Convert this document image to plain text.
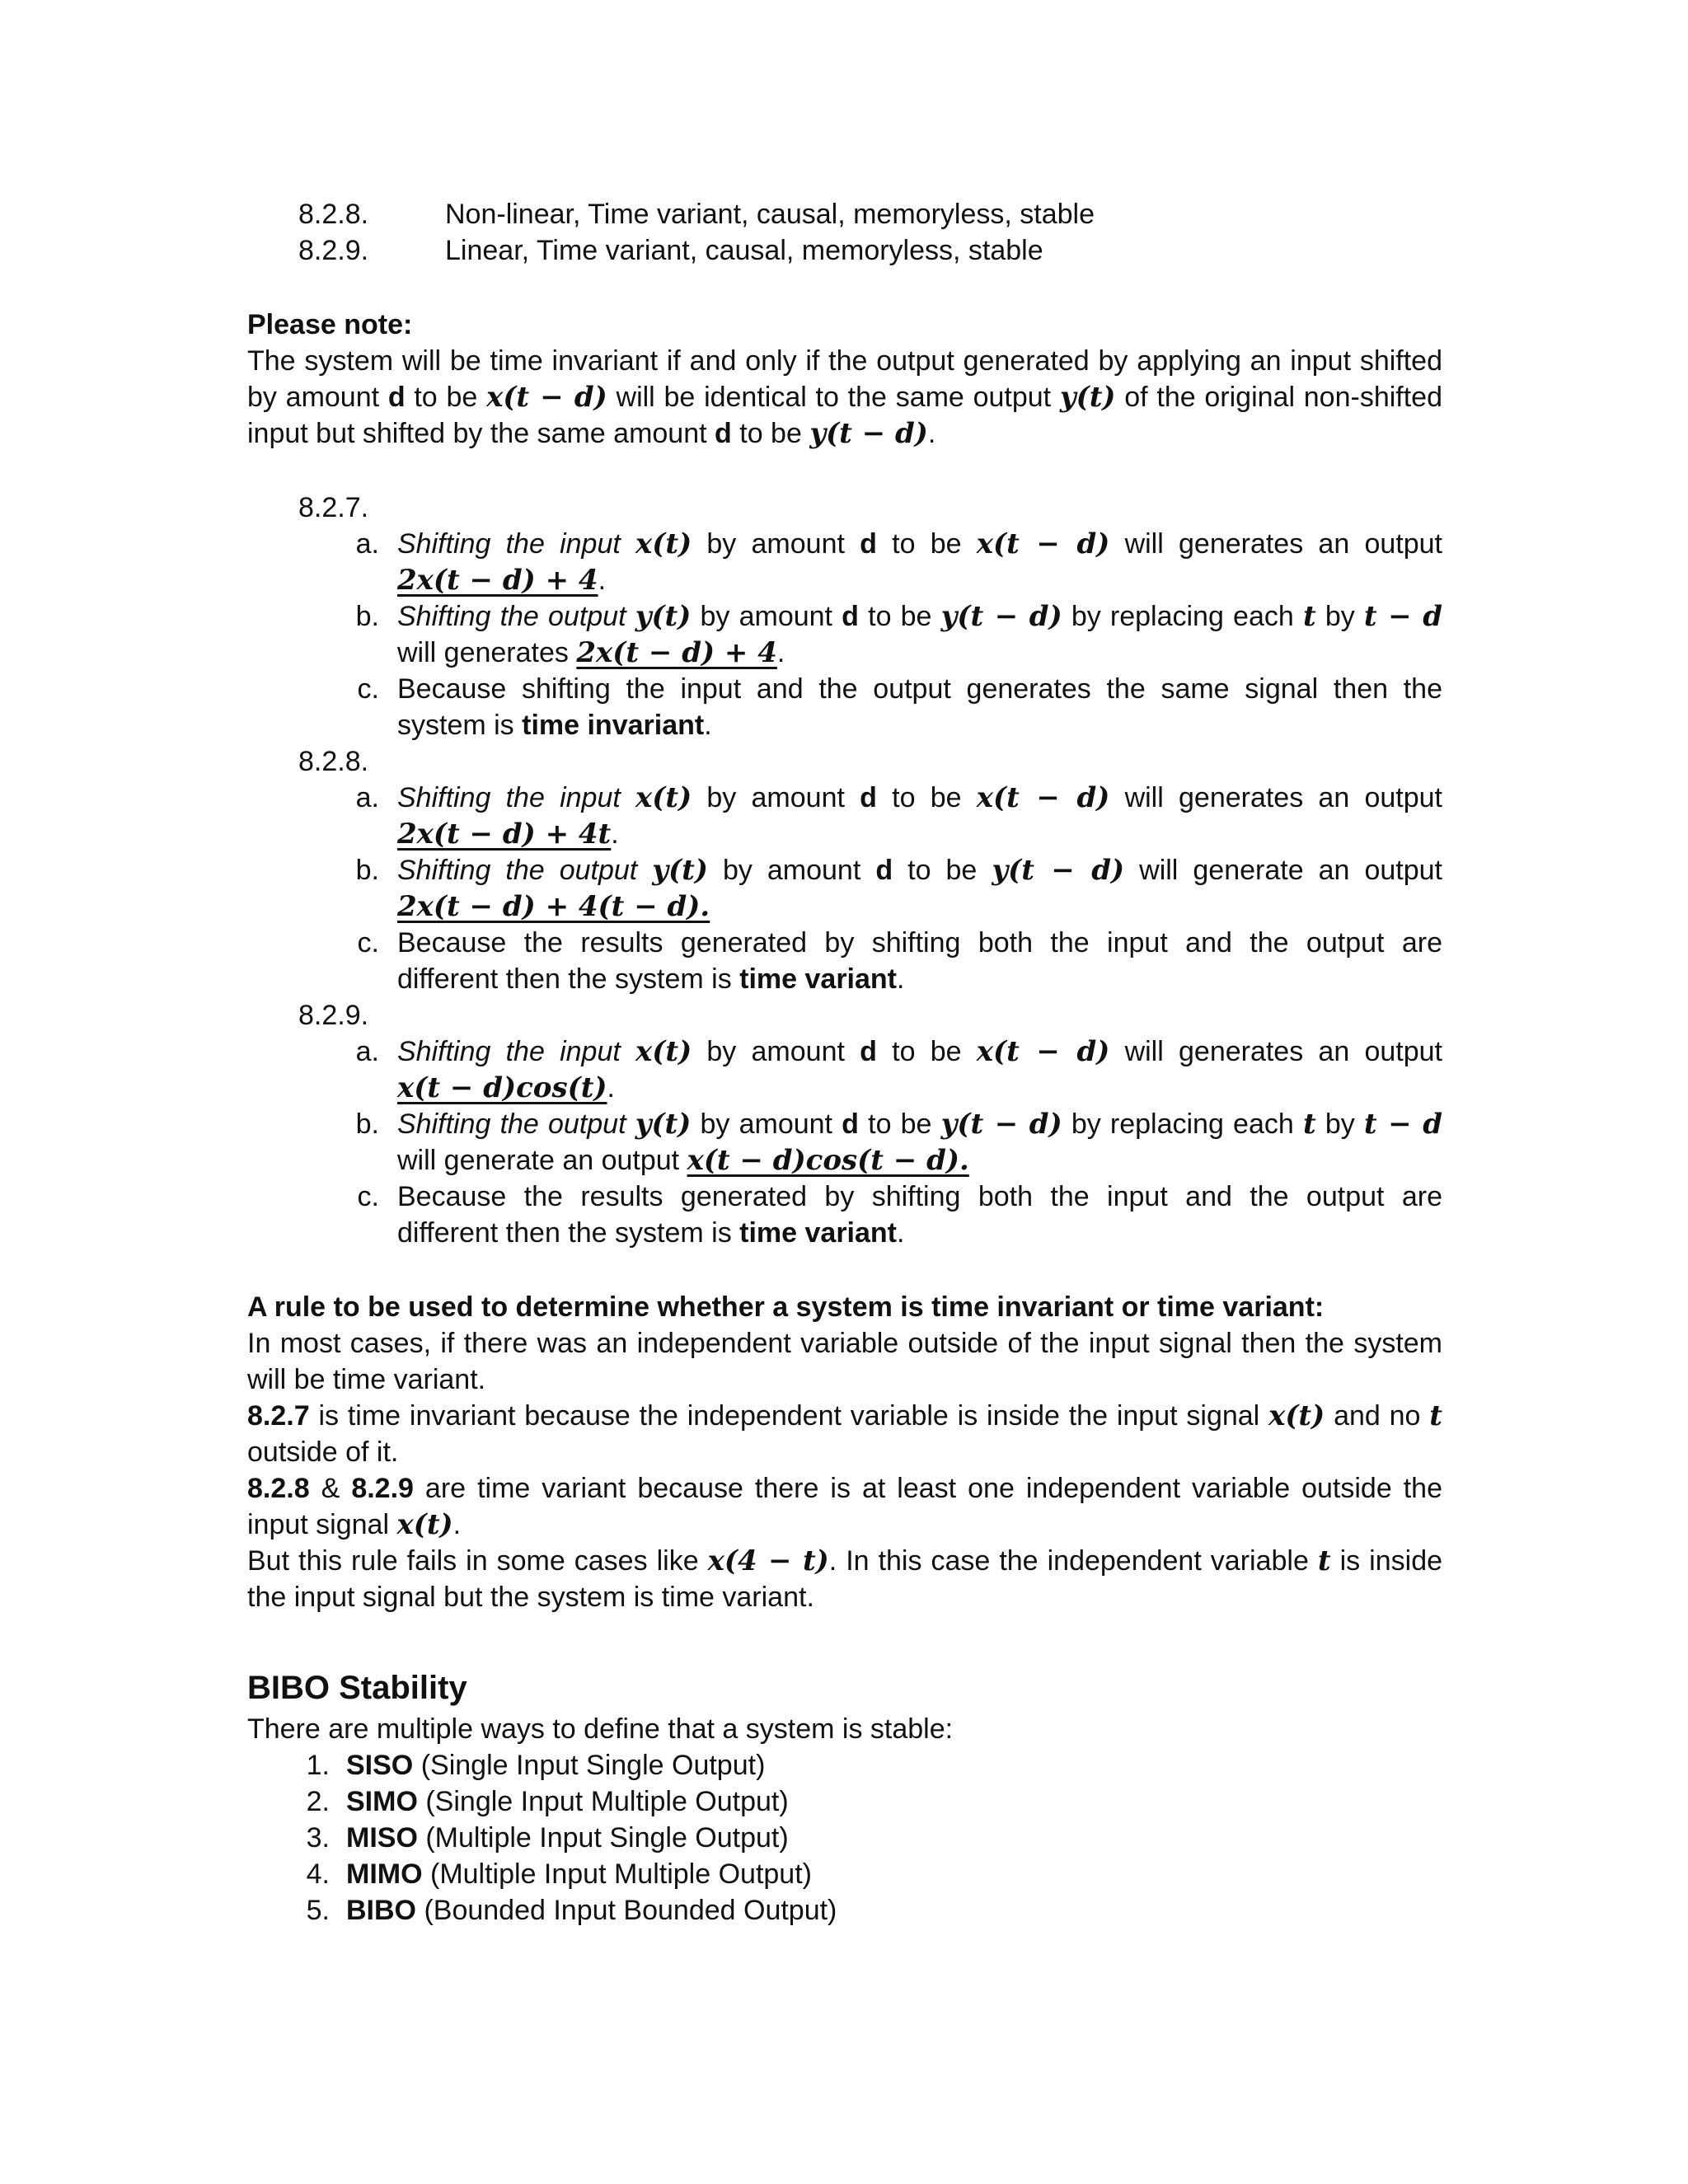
8.2.8.	Non-linear, Time variant, causal, memoryless, stable
8.2.9.	Linear, Time variant, causal, memoryless, stable
Please note:
The system will be time invariant if and only if the output generated by applying an input shifted
by amount d to be x(t − d) will be identical to the same output y(t) of the original non-shifted
input but shifted by the same amount d to be y(t − d).
8.2.7.
a. Shifting the input x(t) by amount d to be x(t − d) will generates an output
2x(t − d) + 4.
b. Shifting the output y(t) by amount d to be y(t − d) by replacing each t by t − d
will generates 2x(t − d) + 4.
c. Because shifting the input and the output generates the same signal then the
system is time invariant.
8.2.8.
a. Shifting the input x(t) by amount d to be x(t − d) will generates an output
2x(t − d) + 4t.
b. Shifting the output y(t) by amount d to be y(t − d) will generate an output
2x(t − d) + 4(t − d).
c. Because the results generated by shifting both the input and the output are
different then the system is time variant.
8.2.9.
a. Shifting the input x(t) by amount d to be x(t − d) will generates an output
x(t − d)cos(t).
b. Shifting the output y(t) by amount d to be y(t − d) by replacing each t by t − d
will generate an output x(t − d)cos(t − d).
c. Because the results generated by shifting both the input and the output are
different then the system is time variant.
A rule to be used to determine whether a system is time invariant or time variant:
In most cases, if there was an independent variable outside of the input signal then the system
will be time variant.
8.2.7 is time invariant because the independent variable is inside the input signal x(t) and no t
outside of it.
8.2.8 & 8.2.9 are time variant because there is at least one independent variable outside the
input signal x(t).
But this rule fails in some cases like x(4 − t). In this case the independent variable t is inside
the input signal but the system is time variant.
BIBO Stability
There are multiple ways to define that a system is stable:
1. SISO (Single Input Single Output)
2. SIMO (Single Input Multiple Output)
3. MISO (Multiple Input Single Output)
4. MIMO (Multiple Input Multiple Output)
5. BIBO (Bounded Input Bounded Output)
